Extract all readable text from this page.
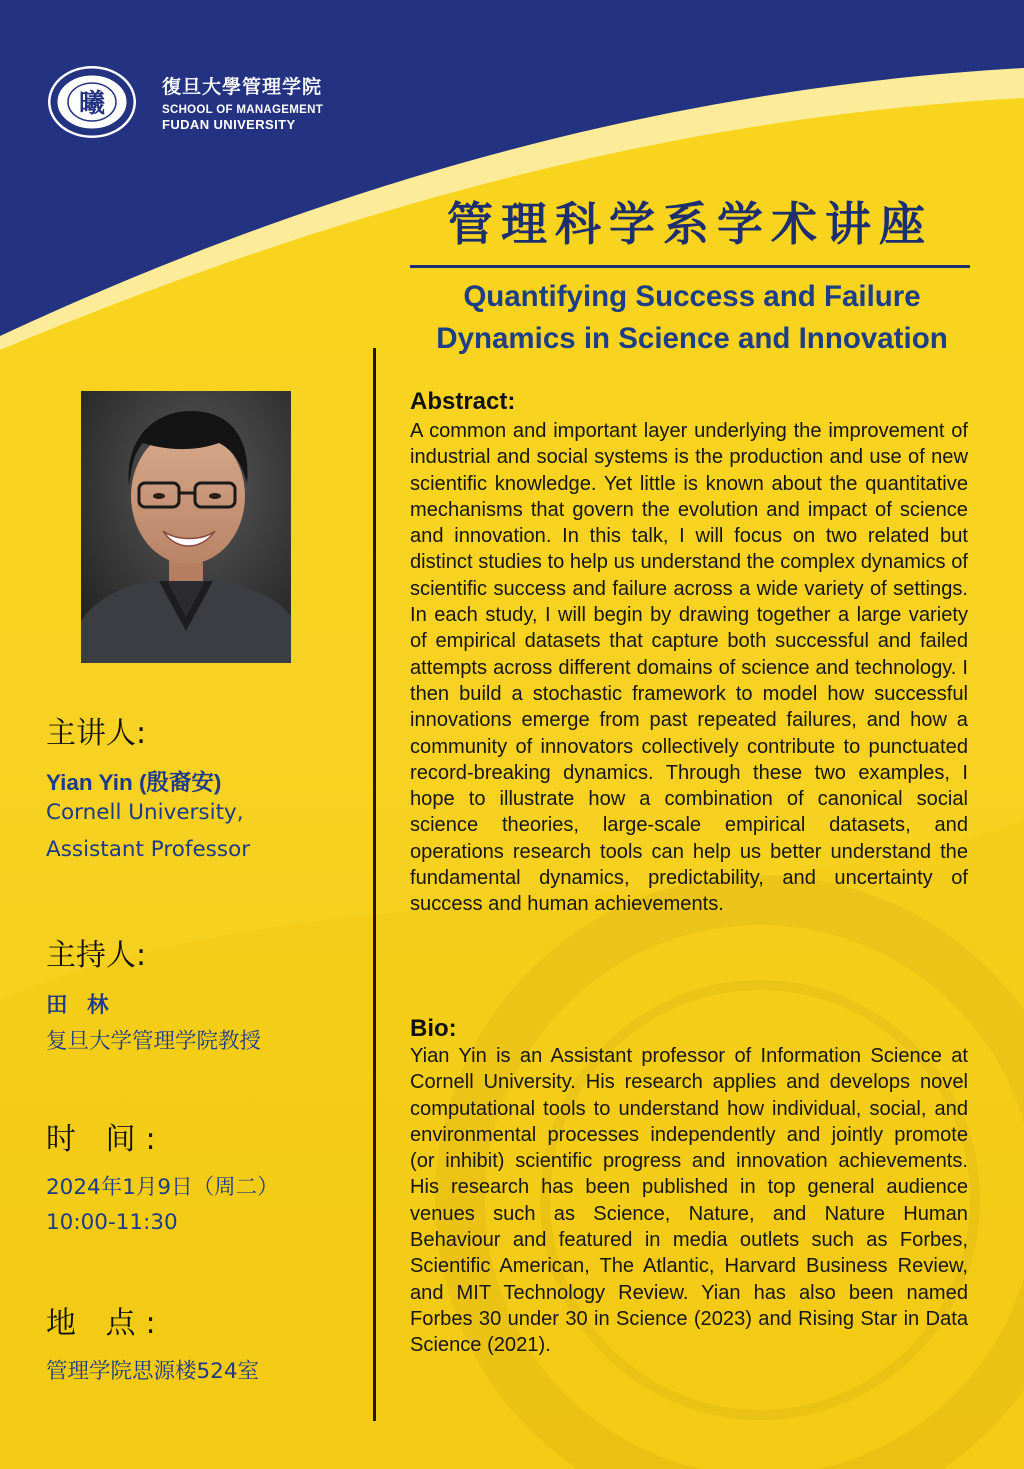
曦
復旦大學管理学院
SCHOOL OF MANAGEMENT
FUDAN UNIVERSITY
管理科学系学术讲座
Quantifying Success and Failure
Dynamics in Science and Innovation
主讲人:
Yian Yin (殷裔安)
Cornell University,
Assistant Professor
主持人:
田 林
复旦大学管理学院教授
时 间:
2024年1月9日（周二）
10:00-11:30
地 点:
管理学院思源楼524室
Abstract:
A common and important layer underlying the improvement of industrial and social systems is the production and use of new scientific knowledge. Yet little is known about the quantitative mechanisms that govern the evolution and impact of science and innovation. In this talk, I will focus on two related but distinct studies to help us understand the complex dynamics of scientific success and failure across a wide variety of settings. In each study, I will begin by drawing together a large variety of empirical datasets that capture both successful and failed attempts across different domains of science and technology. I then build a stochastic framework to model how successful innovations emerge from past repeated failures, and how a community of innovators collectively contribute to punctuated record-breaking dynamics. Through these two examples, I hope to illustrate how a combination of canonical social science theories, large-scale empirical datasets, and operations research tools can help us better understand the fundamental dynamics, predictability, and uncertainty of success and human achievements.
Bio:
Yian Yin is an Assistant professor of Information Science at Cornell University. His research applies and develops novel computational tools to understand how individual, social, and environmental processes independently and jointly promote (or inhibit) scientific progress and innovation achievements. His research has been published in top general audience venues such as Science, Nature, and Nature Human Behaviour and featured in media outlets such as Forbes, Scientific American, The Atlantic, Harvard Business Review, and MIT Technology Review. Yian has also been named Forbes 30 under 30 in Science (2023) and Rising Star in Data Science (2021).
